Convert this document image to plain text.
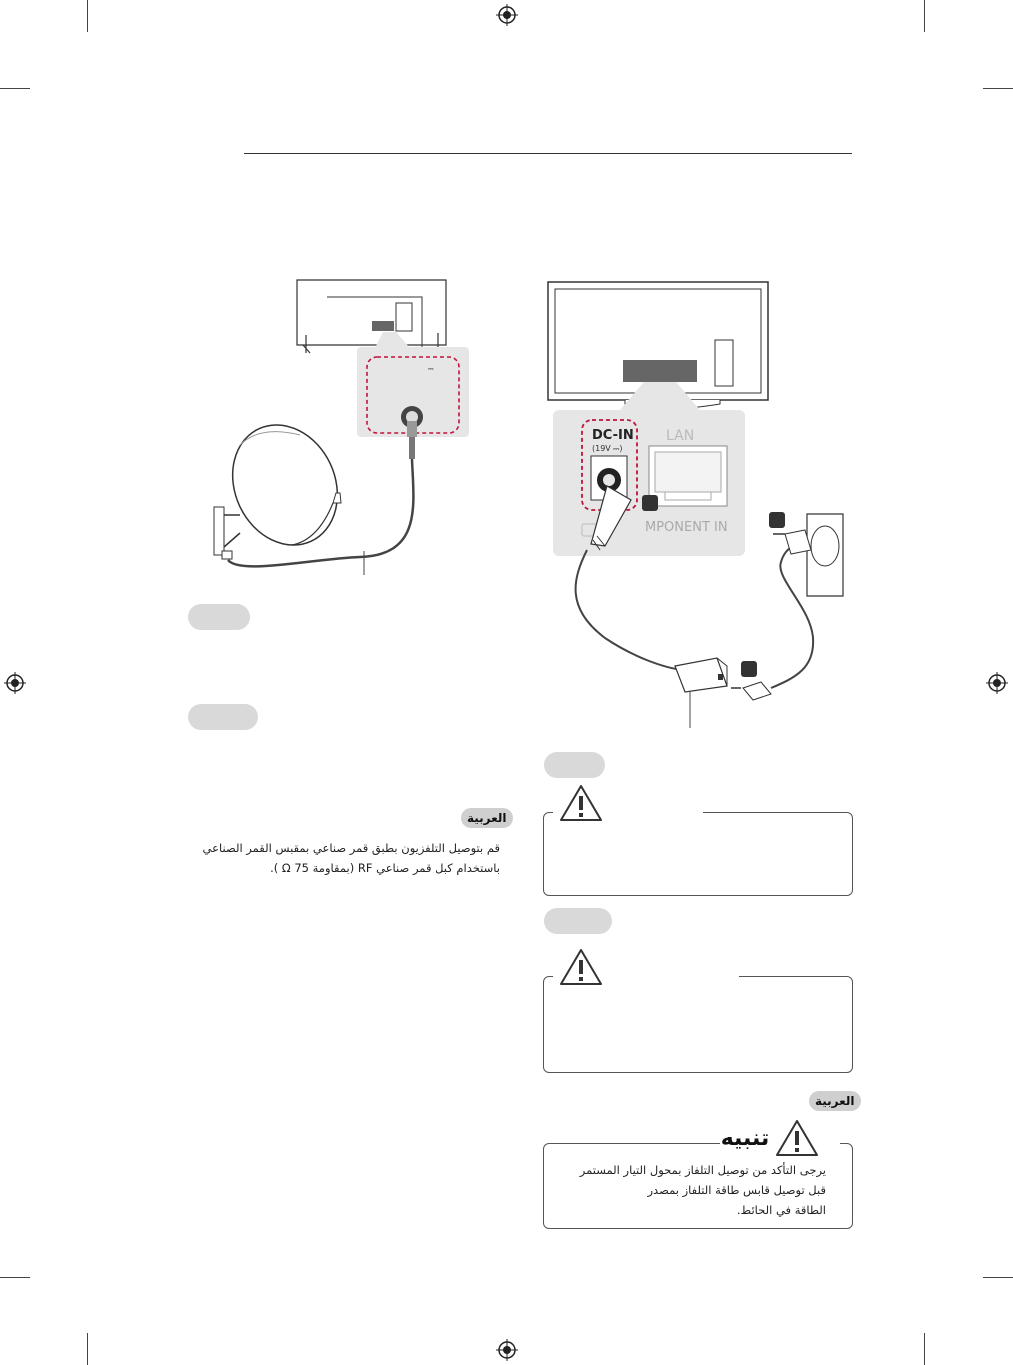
⎓
DC-IN
(19V ⎓)
LAN
MPONENT IN
العربية
قم بتوصيل التلفزيون بطبق قمر صناعي بمقبس القمر الصناعي
باستخدام كبل قمر صناعي RF (بمقاومة 75 Ω ).
العربية
تنبيه
يرجى التأكد من توصيل التلفاز بمحول التيار المستمر
قبل توصيل قابس طاقة التلفاز بمصدر
الطاقة في الحائط.
